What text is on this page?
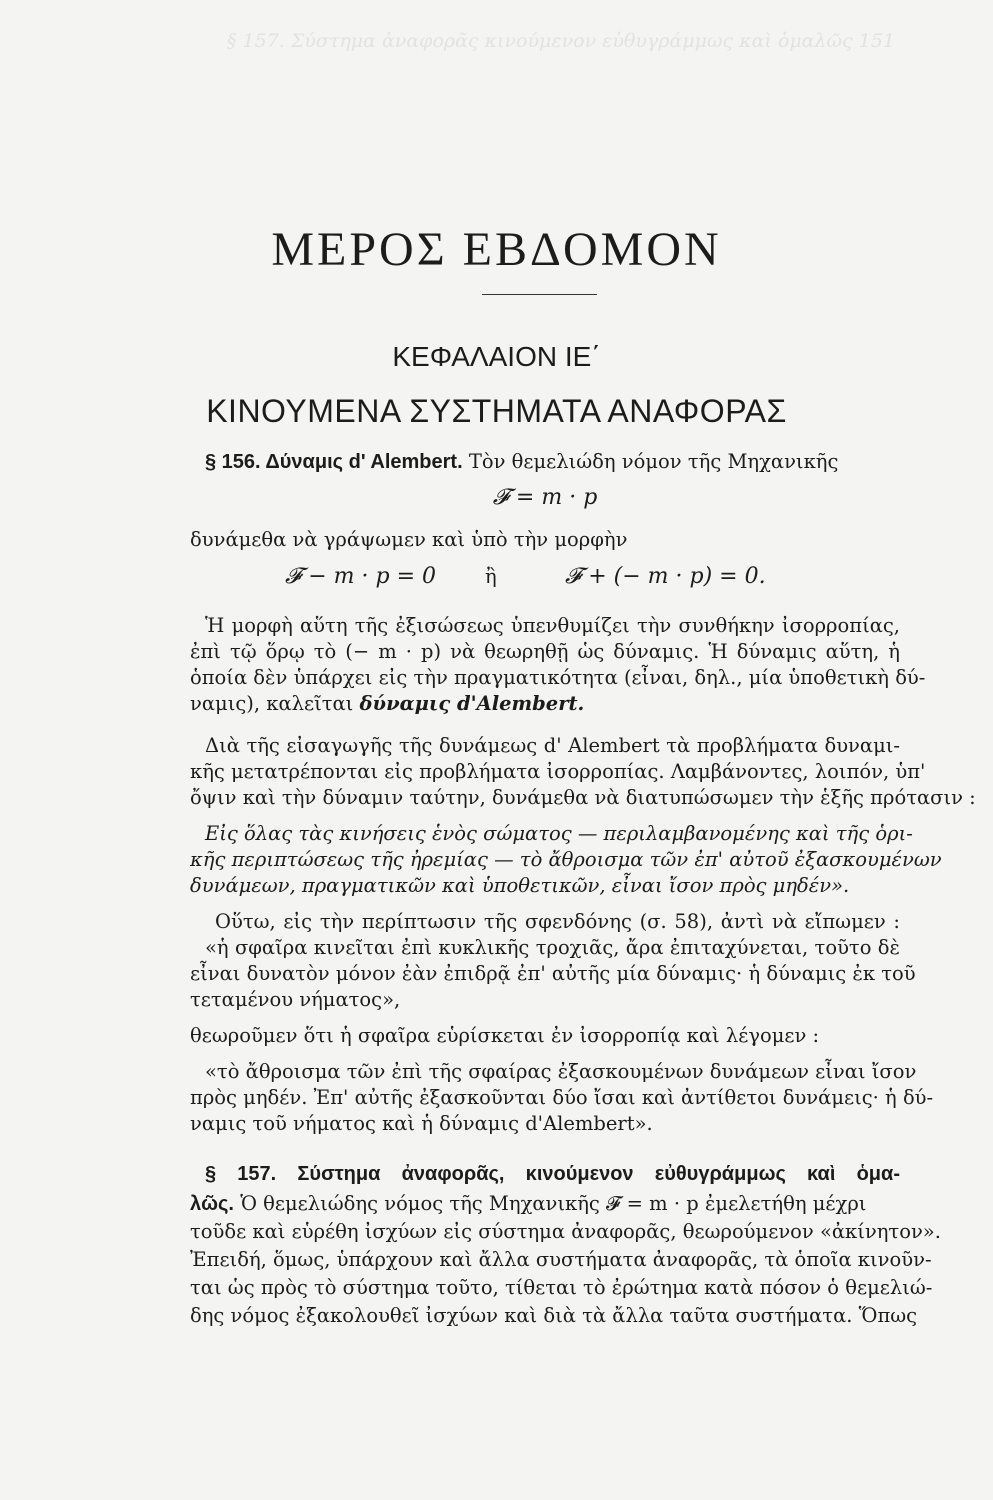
§ 157. Σύστημα ἀναφορᾶς κινούμενον εὐθυγράμμως καὶ ὁμαλῶς 151
ΜΕΡΟΣ ΕΒΔΟΜΟΝ
ΚΕΦΑΛΑΙΟΝ ΙΕ΄
ΚΙΝΟΥΜΕΝΑ ΣΥΣΤΗΜΑΤΑ ΑΝΑΦΟΡΑΣ
§ 156. Δύναμις d' Alembert. Τὸν θεμελιώδη νόμον τῆς Μηχανικῆς
𝓕 = m · p
δυνάμεθα νὰ γράψωμεν καὶ ὑπὸ τὴν μορφὴν
𝓕 − m · p = 0	ἢ	𝓕 + (− m · p) = 0.
Ἡ μορφὴ αὕτη τῆς ἐξισώσεως ὑπενθυμίζει τὴν συνθήκην ἰσορροπίας,
ἐπὶ τῷ ὅρῳ τὸ (− m · p) νὰ θεωρηθῇ ὡς δύναμις. Ἡ δύναμις αὕτη, ἡ
ὁποία δὲν ὑπάρχει εἰς τὴν πραγματικότητα (εἶναι, δηλ., μία ὑποθετικὴ δύ-
ναμις), καλεῖται δύναμις d'Alembert.
Διὰ τῆς εἰσαγωγῆς τῆς δυνάμεως d' Alembert τὰ προβλήματα δυναμι-
κῆς μετατρέπονται εἰς προβλήματα ἰσορροπίας. Λαμβάνοντες, λοιπόν, ὑπ'
ὄψιν καὶ τὴν δύναμιν ταύτην, δυνάμεθα νὰ διατυπώσωμεν τὴν ἑξῆς πρότασιν :
Εἰς ὅλας τὰς κινήσεις ἑνὸς σώματος — περιλαμβανομένης καὶ τῆς ὁρι-
κῆς περιπτώσεως τῆς ἠρεμίας — τὸ ἄθροισμα τῶν ἐπ' αὐτοῦ ἐξασκουμένων
δυνάμεων, πραγματικῶν καὶ ὑποθετικῶν, εἶναι ἴσον πρὸς μηδέν».
Οὕτω, εἰς τὴν περίπτωσιν τῆς σφενδόνης (σ. 58), ἀντὶ νὰ εἴπωμεν :
«ἡ σφαῖρα κινεῖται ἐπὶ κυκλικῆς τροχιᾶς, ἄρα ἐπιταχύνεται, τοῦτο δὲ
εἶναι δυνατὸν μόνον ἐὰν ἐπιδρᾷ ἐπ' αὐτῆς μία δύναμις· ἡ δύναμις ἐκ τοῦ
τεταμένου νήματος»,
θεωροῦμεν ὅτι ἡ σφαῖρα εὑρίσκεται ἐν ἰσορροπίᾳ καὶ λέγομεν :
«τὸ ἄθροισμα τῶν ἐπὶ τῆς σφαίρας ἐξασκουμένων δυνάμεων εἶναι ἴσον
πρὸς μηδέν. Ἐπ' αὐτῆς ἐξασκοῦνται δύο ἴσαι καὶ ἀντίθετοι δυνάμεις· ἡ δύ-
ναμις τοῦ νήματος καὶ ἡ δύναμις d'Alembert».
§ 157. Σύστημα ἀναφορᾶς, κινούμενον εὐθυγράμμως καὶ ὁμα-
λῶς. Ὁ θεμελιώδης νόμος τῆς Μηχανικῆς 𝓕 = m · p ἐμελετήθη μέχρι
τοῦδε καὶ εὑρέθη ἰσχύων εἰς σύστημα ἀναφορᾶς, θεωρούμενον «ἀκίνητον».
Ἐπειδή, ὅμως, ὑπάρχουν καὶ ἄλλα συστήματα ἀναφορᾶς, τὰ ὁποῖα κινοῦν-
ται ὡς πρὸς τὸ σύστημα τοῦτο, τίθεται τὸ ἐρώτημα κατὰ πόσον ὁ θεμελιώ-
δης νόμος ἐξακολουθεῖ ἰσχύων καὶ διὰ τὰ ἄλλα ταῦτα συστήματα. Ὅπως
